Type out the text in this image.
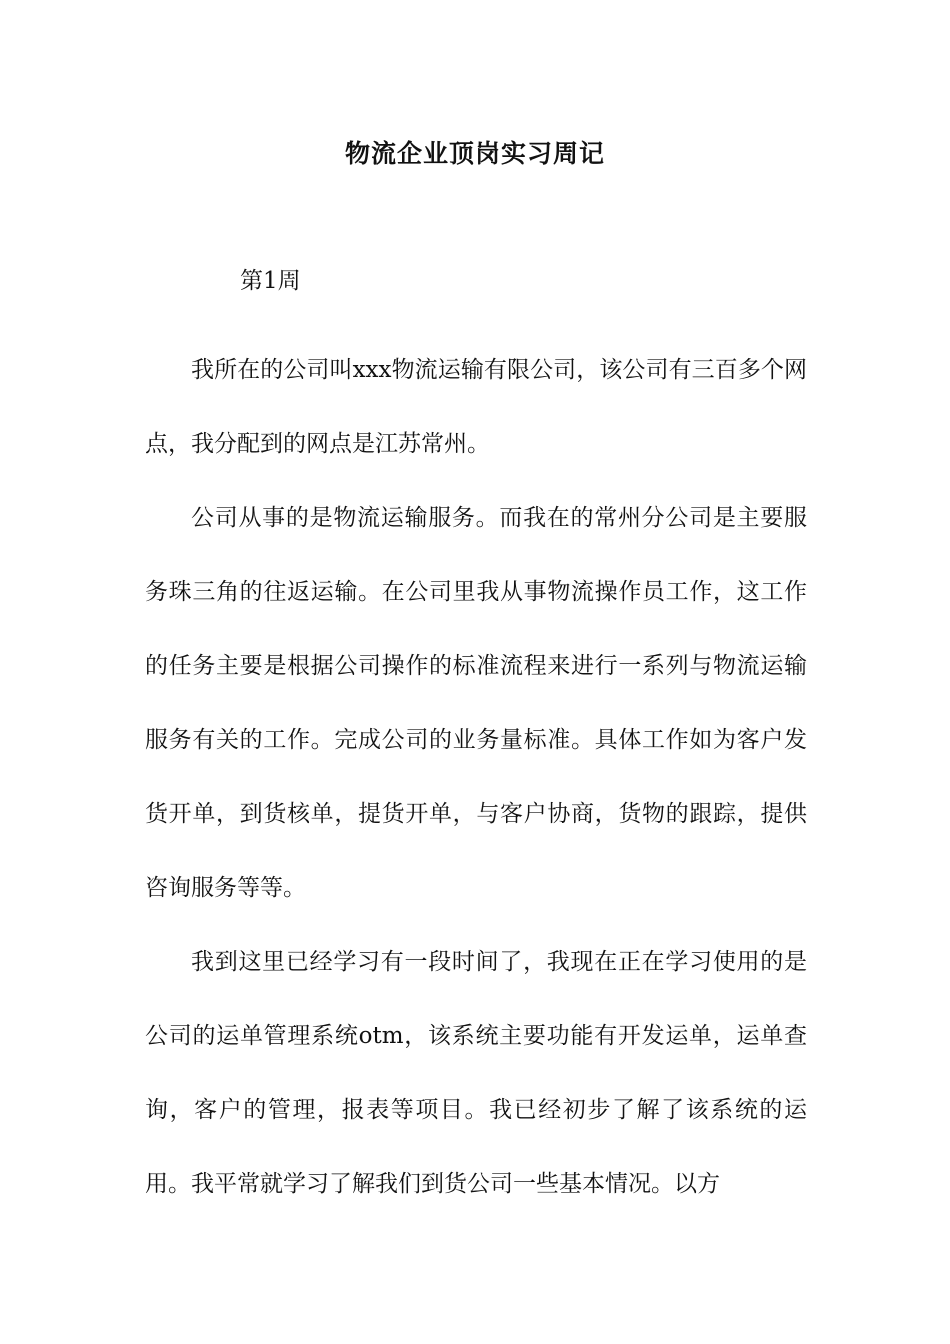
物流企业顶岗实习周记
第1周

我所在的公司叫xxx物流运输有限公司，该公司有三百多个网点，我分配到的网点是江苏常州。

公司从事的是物流运输服务。而我在的常州分公司是主要服务珠三角的往返运输。在公司里我从事物流操作员工作，这工作的任务主要是根据公司操作的标准流程来进行一系列与物流运输服务有关的工作。完成公司的业务量标准。具体工作如为客户发货开单，到货核单，提货开单，与客户协商，货物的跟踪，提供咨询服务等等。

我到这里已经学习有一段时间了，我现在正在学习使用的是公司的运单管理系统otm，该系统主要功能有开发运单，运单查询，客户的管理，报表等项目。我已经初步了解了该系统的运用。我平常就学习了解我们到货公司一些基本情况。以方
